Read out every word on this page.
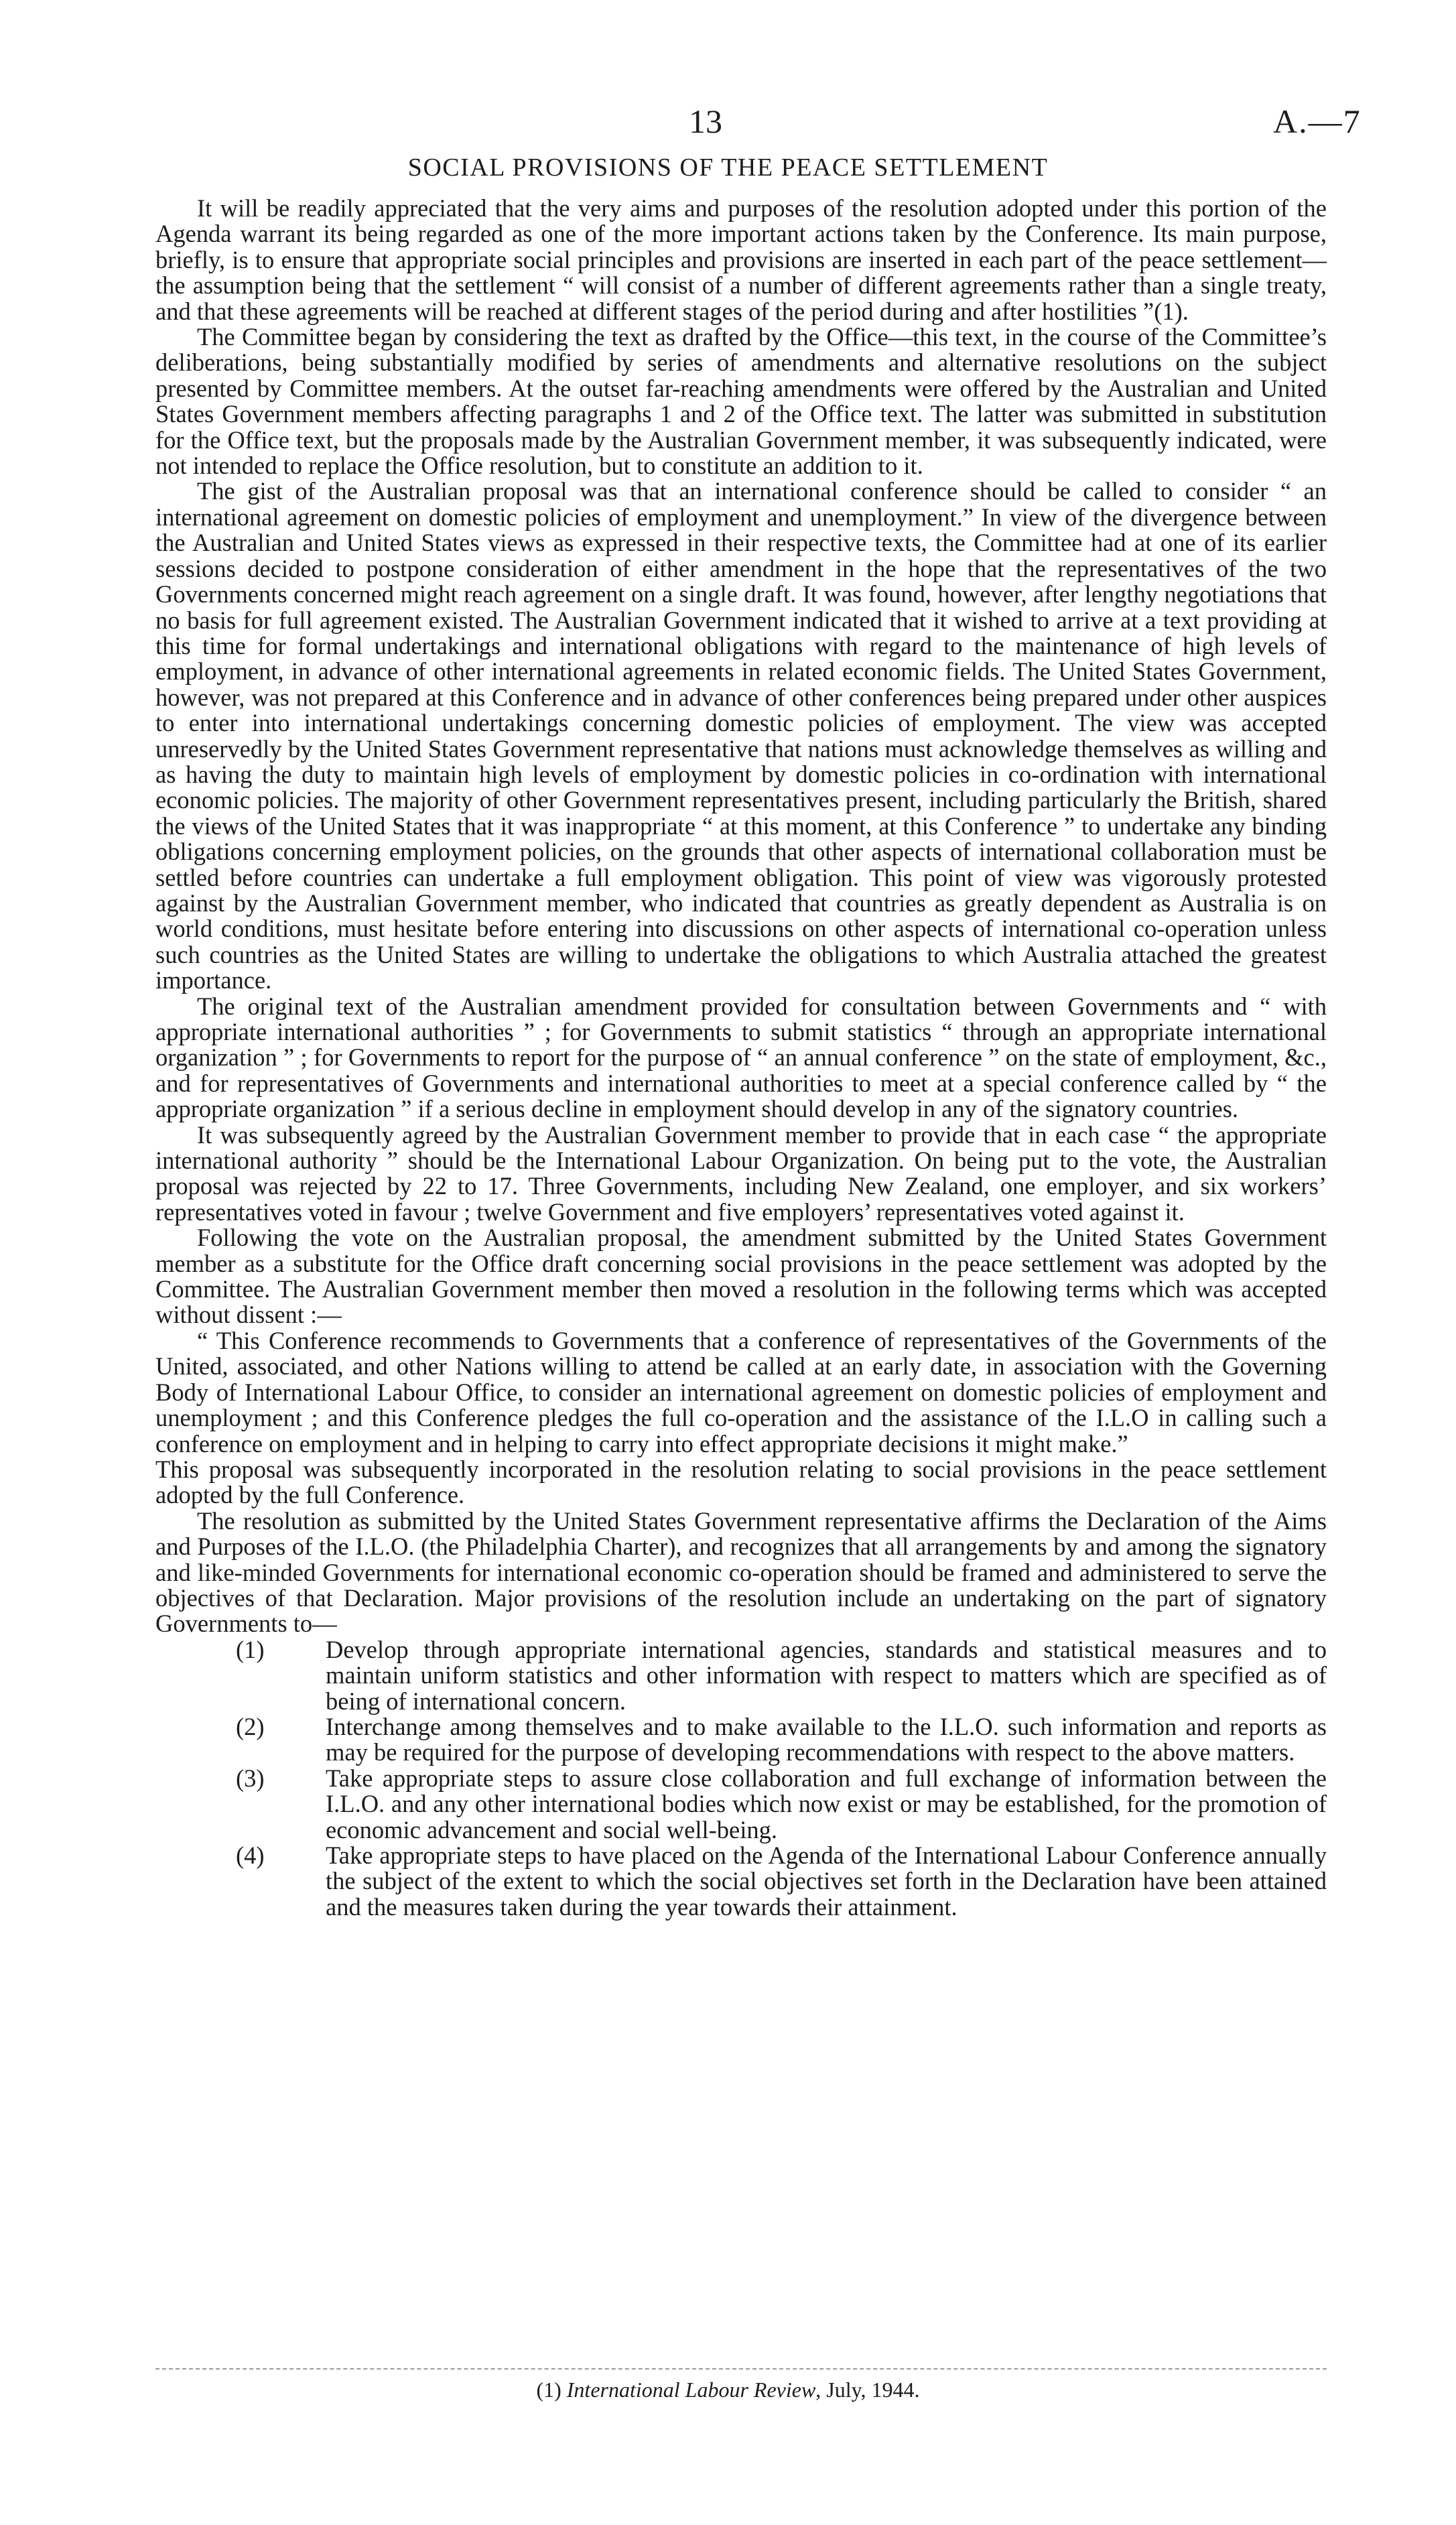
13	A.—7
SOCIAL PROVISIONS OF THE PEACE SETTLEMENT

It will be readily appreciated that the very aims and purposes of the resolution adopted under this portion of the Agenda warrant its being regarded as one of the more important actions taken by the Conference. Its main purpose, briefly, is to ensure that appropriate social principles and provisions are inserted in each part of the peace settlement—the assumption being that the settlement “ will consist of a number of different agreements rather than a single treaty, and that these agreements will be reached at different stages of the period during and after hostilities ”(1).

The Committee began by considering the text as drafted by the Office—this text, in the course of the Committee’s deliberations, being substantially modified by series of amendments and alternative resolutions on the subject presented by Committee members. At the outset far-reaching amendments were offered by the Australian and United States Government members affecting paragraphs 1 and 2 of the Office text. The latter was submitted in substitution for the Office text, but the proposals made by the Australian Government member, it was subsequently indicated, were not intended to replace the Office resolution, but to constitute an addition to it.

The gist of the Australian proposal was that an international conference should be called to consider “ an international agreement on domestic policies of employment and unemployment.” In view of the divergence between the Australian and United States views as expressed in their respective texts, the Committee had at one of its earlier sessions decided to postpone consideration of either amendment in the hope that the representatives of the two Governments concerned might reach agreement on a single draft. It was found, however, after lengthy negotiations that no basis for full agreement existed. The Australian Government indicated that it wished to arrive at a text providing at this time for formal undertakings and international obligations with regard to the maintenance of high levels of employment, in advance of other international agreements in related economic fields. The United States Government, however, was not prepared at this Conference and in advance of other conferences being prepared under other auspices to enter into international undertakings concerning domestic policies of employment. The view was accepted unreservedly by the United States Government representative that nations must acknowledge themselves as willing and as having the duty to maintain high levels of employment by domestic policies in co-ordination with international economic policies. The majority of other Government representatives present, including particularly the British, shared the views of the United States that it was inappropriate “ at this moment, at this Conference ” to undertake any binding obligations concerning employment policies, on the grounds that other aspects of international collaboration must be settled before countries can undertake a full employment obligation. This point of view was vigorously protested against by the Australian Government member, who indicated that countries as greatly dependent as Australia is on world conditions, must hesitate before entering into discussions on other aspects of international co-operation unless such countries as the United States are willing to undertake the obligations to which Australia attached the greatest importance.

The original text of the Australian amendment provided for consultation between Governments and “ with appropriate international authorities ” ; for Governments to submit statistics “ through an appropriate international organization ” ; for Governments to report for the purpose of “ an annual conference ” on the state of employment, &c., and for representatives of Governments and international authorities to meet at a special conference called by “ the appropriate organization ” if a serious decline in employment should develop in any of the signatory countries.

It was subsequently agreed by the Australian Government member to provide that in each case “ the appropriate international authority ” should be the International Labour Organization. On being put to the vote, the Australian proposal was rejected by 22 to 17. Three Governments, including New Zealand, one employer, and six workers’ representatives voted in favour ; twelve Government and five employers’ representatives voted against it.

Following the vote on the Australian proposal, the amendment submitted by the United States Government member as a substitute for the Office draft concerning social provisions in the peace settlement was adopted by the Committee. The Australian Government member then moved a resolution in the following terms which was accepted without dissent :—

“ This Conference recommends to Governments that a conference of representatives of the Governments of the United, associated, and other Nations willing to attend be called at an early date, in association with the Governing Body of International Labour Office, to consider an international agreement on domestic policies of employment and unemployment ; and this Conference pledges the full co-operation and the assistance of the I.L.O in calling such a conference on employment and in helping to carry into effect appropriate decisions it might make.”

This proposal was subsequently incorporated in the resolution relating to social provisions in the peace settlement adopted by the full Conference.

The resolution as submitted by the United States Government representative affirms the Declaration of the Aims and Purposes of the I.L.O. (the Philadelphia Charter), and recognizes that all arrangements by and among the signatory and like-minded Governments for international economic co-operation should be framed and administered to serve the objectives of that Declaration. Major provisions of the resolution include an undertaking on the part of signatory Governments to—

(1)	Develop through appropriate international agencies, standards and statistical measures and to maintain uniform statistics and other information with respect to matters which are specified as of being of international concern.
(2)	Interchange among themselves and to make available to the I.L.O. such information and reports as may be required for the purpose of developing recommendations with respect to the above matters.
(3)	Take appropriate steps to assure close collaboration and full exchange of information between the I.L.O. and any other international bodies which now exist or may be established, for the promotion of economic advancement and social well-being.
(4)	Take appropriate steps to have placed on the Agenda of the International Labour Conference annually the subject of the extent to which the social objectives set forth in the Declaration have been attained and the measures taken during the year towards their attainment.
(1) International Labour Review, July, 1944.
